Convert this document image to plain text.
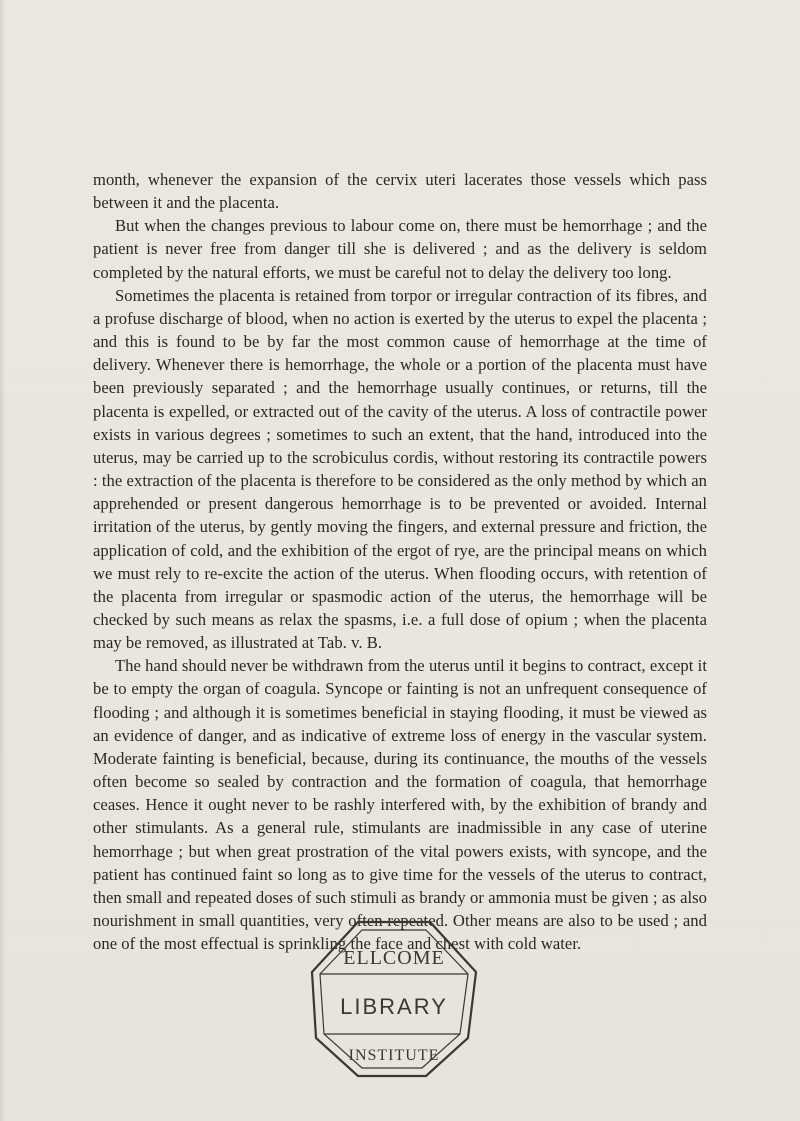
month, whenever the expansion of the cervix uteri lacerates those vessels which pass between it and the placenta.

But when the changes previous to labour come on, there must be hemorrhage ; and the patient is never free from danger till she is delivered ; and as the delivery is seldom completed by the natural efforts, we must be careful not to delay the delivery too long.

Sometimes the placenta is retained from torpor or irregular contraction of its fibres, and a profuse discharge of blood, when no action is exerted by the uterus to expel the placenta ; and this is found to be by far the most common cause of hemorrhage at the time of delivery. Whenever there is hemorrhage, the whole or a portion of the placenta must have been previously separated ; and the hemorrhage usually continues, or returns, till the placenta is expelled, or extracted out of the cavity of the uterus. A loss of contractile power exists in various degrees ; sometimes to such an extent, that the hand, introduced into the uterus, may be carried up to the scrobiculus cordis, without restoring its contractile powers : the extraction of the placenta is therefore to be considered as the only method by which an apprehended or present dangerous hemorrhage is to be prevented or avoided. Internal irritation of the uterus, by gently moving the fingers, and external pressure and friction, the application of cold, and the exhibition of the ergot of rye, are the principal means on which we must rely to re-excite the action of the uterus. When flooding occurs, with retention of the placenta from irregular or spasmodic action of the uterus, the hemorrhage will be checked by such means as relax the spasms, i.e. a full dose of opium ; when the placenta may be removed, as illustrated at Tab. v. B.

The hand should never be withdrawn from the uterus until it begins to contract, except it be to empty the organ of coagula. Syncope or fainting is not an unfrequent consequence of flooding ; and although it is sometimes beneficial in staying flooding, it must be viewed as an evidence of danger, and as indicative of extreme loss of energy in the vascular system. Moderate fainting is beneficial, because, during its continuance, the mouths of the vessels often become so sealed by contraction and the formation of coagula, that hemorrhage ceases. Hence it ought never to be rashly interfered with, by the exhibition of brandy and other stimulants. As a general rule, stimulants are inadmissible in any case of uterine hemorrhage ; but when great prostration of the vital powers exists, with syncope, and the patient has continued faint so long as to give time for the vessels of the uterus to contract, then small and repeated doses of such stimuli as brandy or ammonia must be given ; as also nourishment in small quantities, very often repeated. Other means are also to be used ; and one of the most effectual is sprinkling the face and chest with cold water.

ELLCOME
LIBRARY
INSTITUTE
